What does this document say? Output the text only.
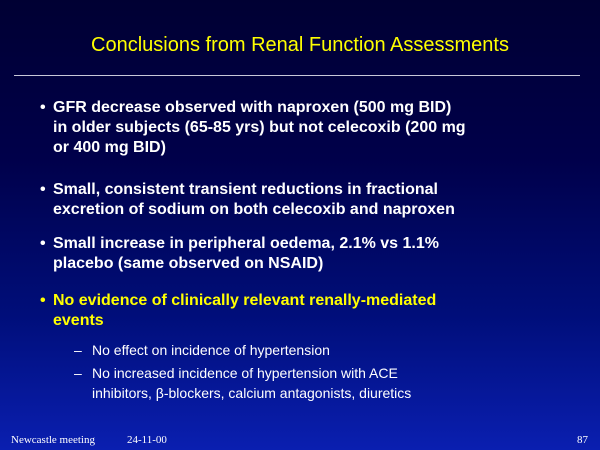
Conclusions from Renal Function Assessments
• GFR decrease observed with naproxen (500 mg BID)
in older subjects (65-85 yrs) but not celecoxib (200 mg
or 400 mg BID)
• Small, consistent transient reductions in fractional
excretion of sodium on both celecoxib and naproxen
• Small increase in peripheral oedema, 2.1% vs 1.1%
placebo (same observed on NSAID)
• No evidence of clinically relevant renally-mediated
events
– No effect on incidence of hypertension
– No increased incidence of hypertension with ACE
inhibitors, β-blockers, calcium antagonists, diuretics
Newcastle meeting	24-11-00	87
